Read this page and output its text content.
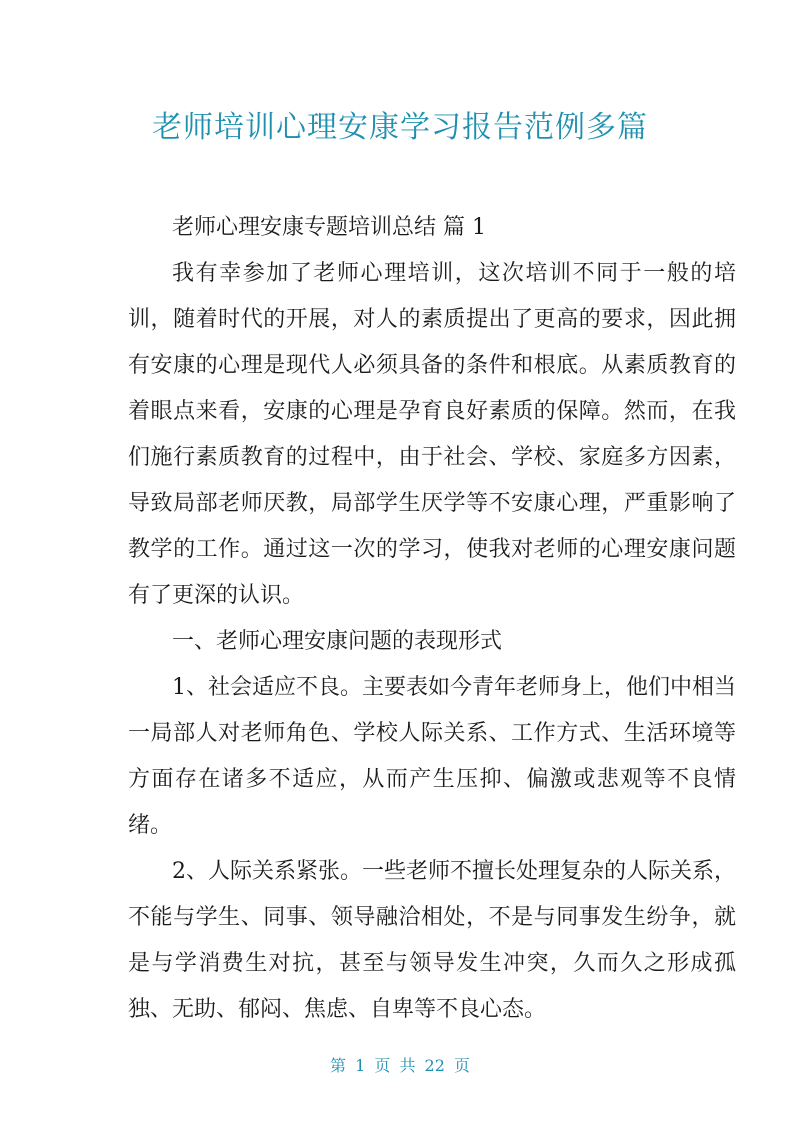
老师培训心理安康学习报告范例多篇

老师心理安康专题培训总结 篇 1

我有幸参加了老师心理培训，这次培训不同于一般的培训，随着时代的开展，对人的素质提出了更高的要求，因此拥有安康的心理是现代人必须具备的条件和根底。从素质教育的着眼点来看，安康的心理是孕育良好素质的保障。然而，在我们施行素质教育的过程中，由于社会、学校、家庭多方因素，导致局部老师厌教，局部学生厌学等不安康心理，严重影响了教学的工作。通过这一次的学习，使我对老师的心理安康问题有了更深的认识。

一、老师心理安康问题的表现形式

1、社会适应不良。主要表如今青年老师身上，他们中相当一局部人对老师角色、学校人际关系、工作方式、生活环境等方面存在诸多不适应，从而产生压抑、偏激或悲观等不良情绪。

2、人际关系紧张。一些老师不擅长处理复杂的人际关系，不能与学生、同事、领导融洽相处，不是与同事发生纷争，就是与学消费生对抗，甚至与领导发生冲突，久而久之形成孤独、无助、郁闷、焦虑、自卑等不良心态。

第 1 页 共 22 页
